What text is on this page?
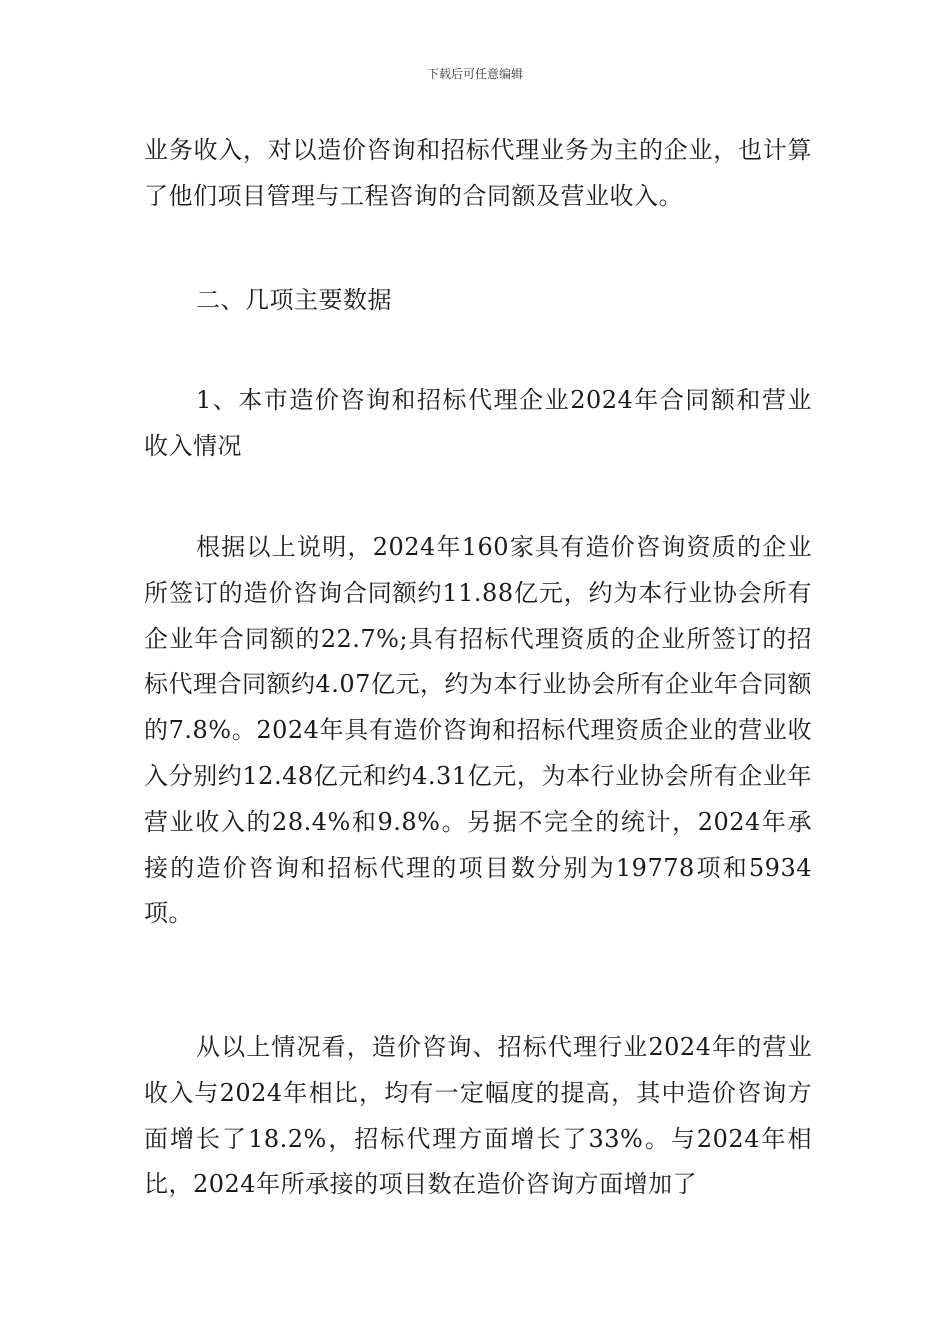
下载后可任意编辑

业务收入，对以造价咨询和招标代理业务为主的企业，也计算了他们项目管理与工程咨询的合同额及营业收入。

二、几项主要数据

1、本市造价咨询和招标代理企业2024年合同额和营业收入情况

根据以上说明，2024年160家具有造价咨询资质的企业所签订的造价咨询合同额约11.88亿元，约为本行业协会所有企业年合同额的22.7%;具有招标代理资质的企业所签订的招标代理合同额约4.07亿元，约为本行业协会所有企业年合同额的7.8%。2024年具有造价咨询和招标代理资质企业的营业收入分别约12.48亿元和约4.31亿元，为本行业协会所有企业年营业收入的28.4%和9.8%。另据不完全的统计，2024年承接的造价咨询和招标代理的项目数分别为19778项和5934项。

从以上情况看，造价咨询、招标代理行业2024年的营业收入与2024年相比，均有一定幅度的提高，其中造价咨询方面增长了18.2%，招标代理方面增长了33%。与2024年相比，2024年所承接的项目数在造价咨询方面增加了
